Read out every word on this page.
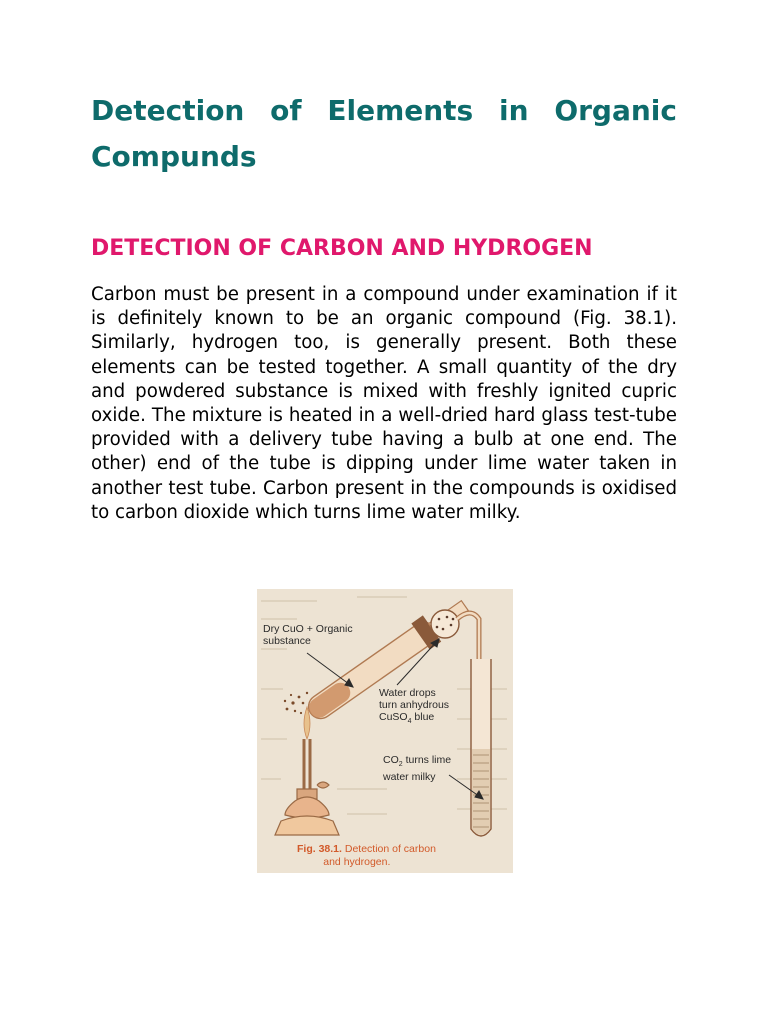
Detection of Elements in Organic Compunds
DETECTION OF CARBON AND HYDROGEN

Carbon must be present in a compound under examination if it is definitely known to be an organic compound (Fig. 38.1). Similarly, hydrogen too, is generally present. Both these elements can be tested together. A small quantity of the dry and powdered substance is mixed with freshly ignited cupric oxide. The mixture is heated in a well-dried hard glass test-tube provided with a delivery tube having a bulb at one end. The other) end of the tube is dipping under lime water taken in another test tube. Carbon present in the compounds is oxidised to carbon dioxide which turns lime water milky.

Dry CuO + Organic
substance
Water drops
turn anhydrous
CuSO$_4$ blue
$CO_2$ turns lime
water milky
Fig. 38.1. Detection of carbon
and hydrogen.
